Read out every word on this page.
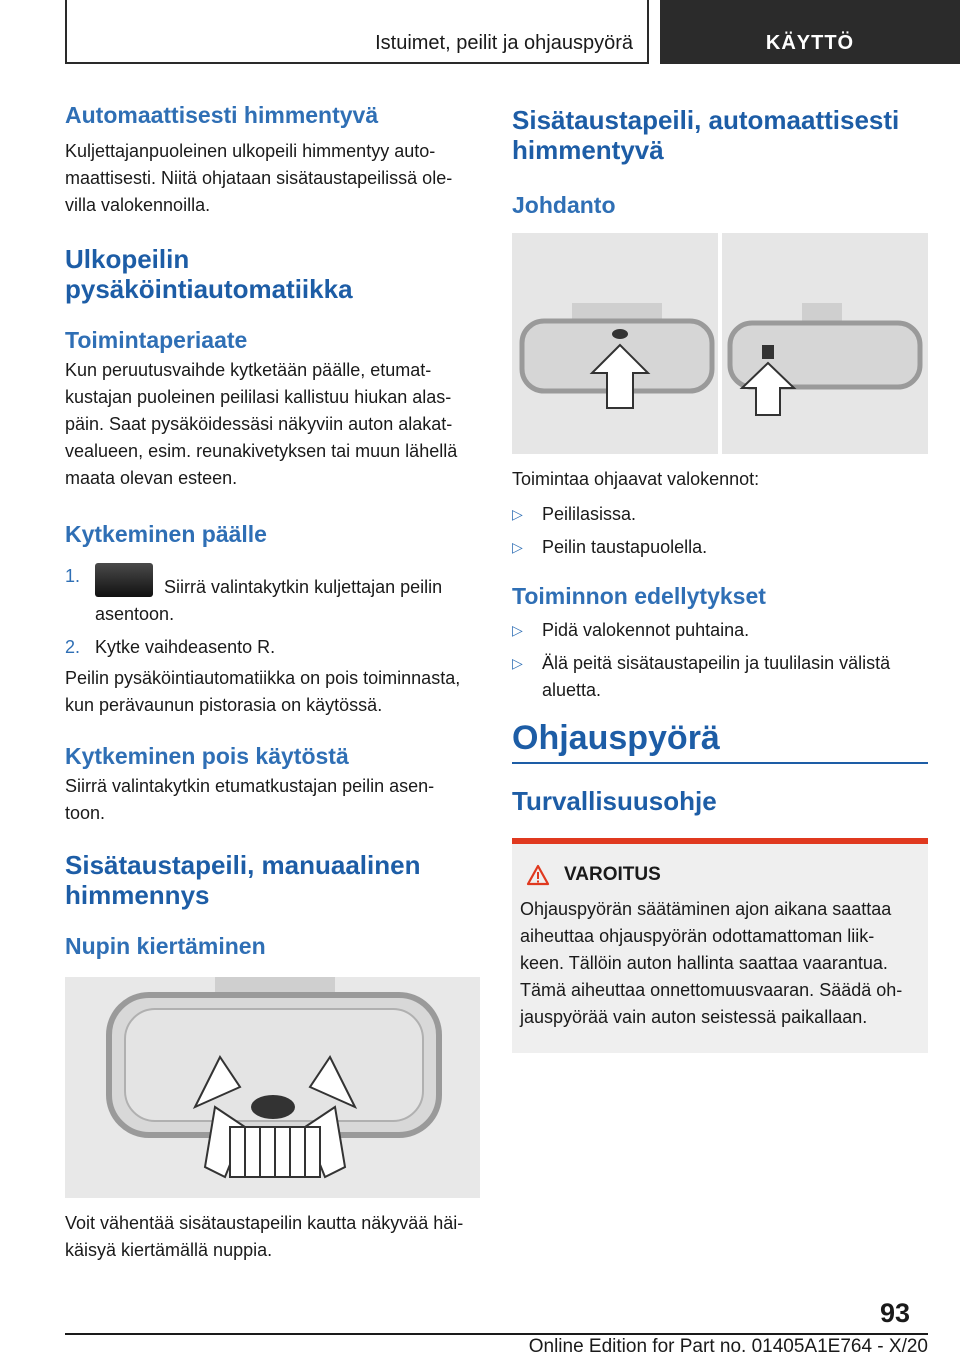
Istuimet, peilit ja ohjauspyörä	KÄYTTÖ
Automaattisesti himmentyvä
Kuljettajanpuoleinen ulkopeili himmentyy auto- maattisesti. Niitä ohjataan sisätaustapeilissä ole- villa valokennoilla.
Ulkopeilin
pysäköintiautomatiikka
Toimintaperiaate
Kun peruutusvaihde kytketään päälle, etumat- kustajan puoleinen peililasi kallistuu hiukan alas- päin. Saat pysäköidessäsi näkyviin auton alakat- vealueen, esim. reunakivetyksen tai muun lähellä maata olevan esteen.
Kytkeminen päälle
1.
Siirrä valintakytkin kuljettajan peilin asentoon.
2. Kytke vaihdeasento R.
Peilin pysäköintiautomatiikka on pois toiminnasta, kun perävaunun pistorasia on käytössä.
Kytkeminen pois käytöstä
Siirrä valintakytkin etumatkustajan peilin asen- toon.
Sisätaustapeili, manuaalinen
himmennys
Nupin kiertäminen
Voit vähentää sisätaustapeilin kautta näkyvää häi- käisyä kiertämällä nuppia.
Sisätaustapeili, automaattisesti
himmentyvä
Johdanto
Toimintaa ohjaavat valokennot:
▷	Peililasissa.
▷	Peilin taustapuolella.
Toiminnon edellytykset
▷	Pidä valokennot puhtaina.
▷	Älä peitä sisätaustapeilin ja tuulilasin välistä aluetta.
Ohjauspyörä
Turvallisuusohje
VAROITUS
Ohjauspyörän säätäminen ajon aikana saattaa aiheuttaa ohjauspyörän odottamattoman liik- keen. Tällöin auton hallinta saattaa vaarantua. Tämä aiheuttaa onnettomuusvaaran. Säädä oh- jauspyörää vain auton seistessä paikallaan.
93
Online Edition for Part no. 01405A1E764 - X/20
